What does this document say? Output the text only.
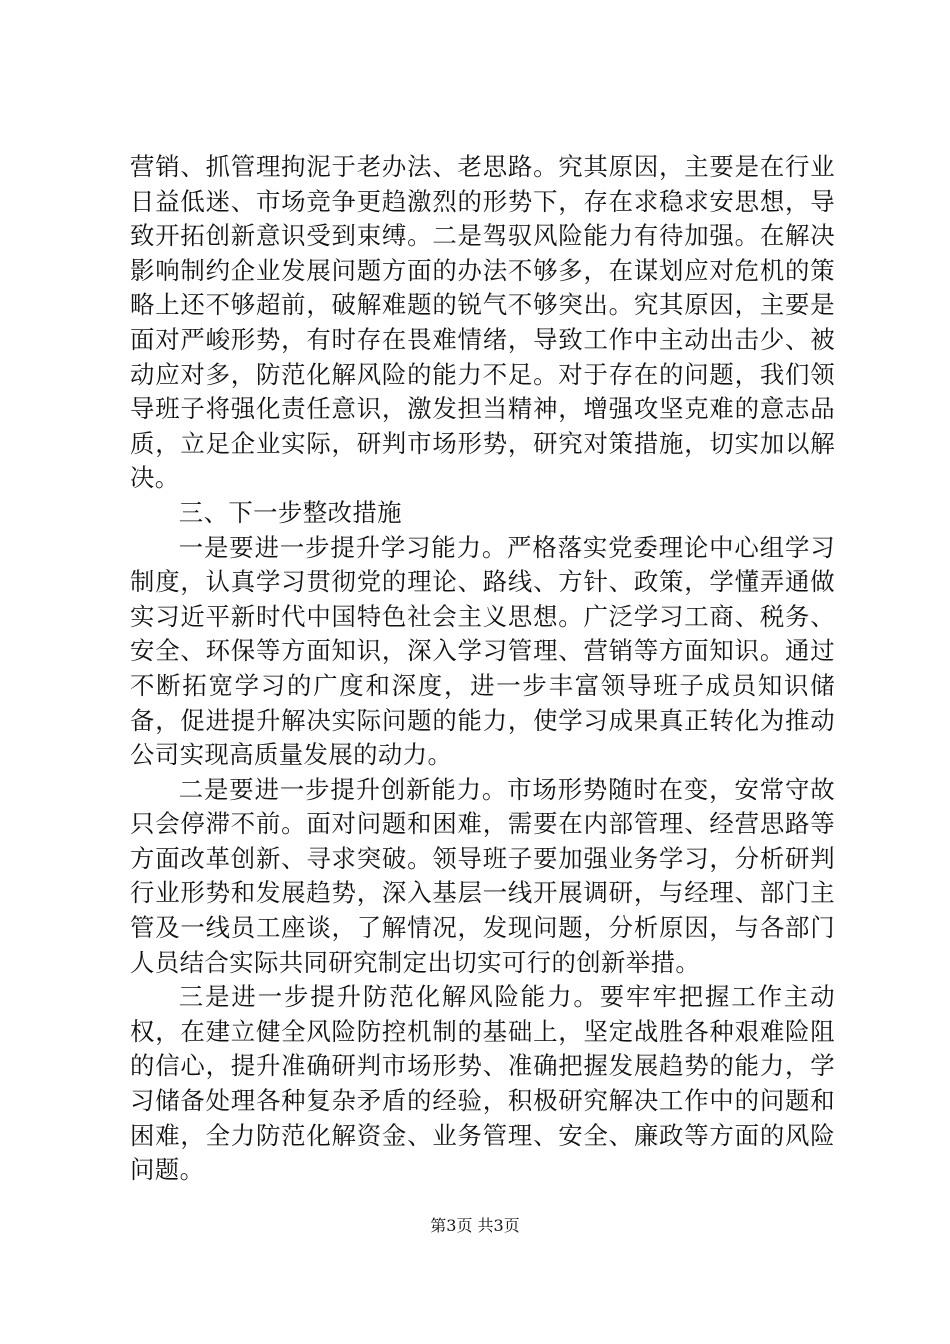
营销、抓管理拘泥于老办法、老思路。究其原因，主要是在行业日益低迷、市场竞争更趋激烈的形势下，存在求稳求安思想，导致开拓创新意识受到束缚。二是驾驭风险能力有待加强。在解决影响制约企业发展问题方面的办法不够多，在谋划应对危机的策略上还不够超前，破解难题的锐气不够突出。究其原因，主要是面对严峻形势，有时存在畏难情绪，导致工作中主动出击少、被动应对多，防范化解风险的能力不足。对于存在的问题，我们领导班子将强化责任意识，激发担当精神，增强攻坚克难的意志品质，立足企业实际，研判市场形势，研究对策措施，切实加以解决。

三、下一步整改措施

一是要进一步提升学习能力。严格落实党委理论中心组学习制度，认真学习贯彻党的理论、路线、方针、政策，学懂弄通做实习近平新时代中国特色社会主义思想。广泛学习工商、税务、安全、环保等方面知识，深入学习管理、营销等方面知识。通过不断拓宽学习的广度和深度，进一步丰富领导班子成员知识储备，促进提升解决实际问题的能力，使学习成果真正转化为推动公司实现高质量发展的动力。

二是要进一步提升创新能力。市场形势随时在变，安常守故只会停滞不前。面对问题和困难，需要在内部管理、经营思路等方面改革创新、寻求突破。领导班子要加强业务学习，分析研判行业形势和发展趋势，深入基层一线开展调研，与经理、部门主管及一线员工座谈，了解情况，发现问题，分析原因，与各部门人员结合实际共同研究制定出切实可行的创新举措。

三是进一步提升防范化解风险能力。要牢牢把握工作主动权，在建立健全风险防控机制的基础上，坚定战胜各种艰难险阻的信心，提升准确研判市场形势、准确把握发展趋势的能力，学习储备处理各种复杂矛盾的经验，积极研究解决工作中的问题和困难，全力防范化解资金、业务管理、安全、廉政等方面的风险问题。

第3页 共3页
